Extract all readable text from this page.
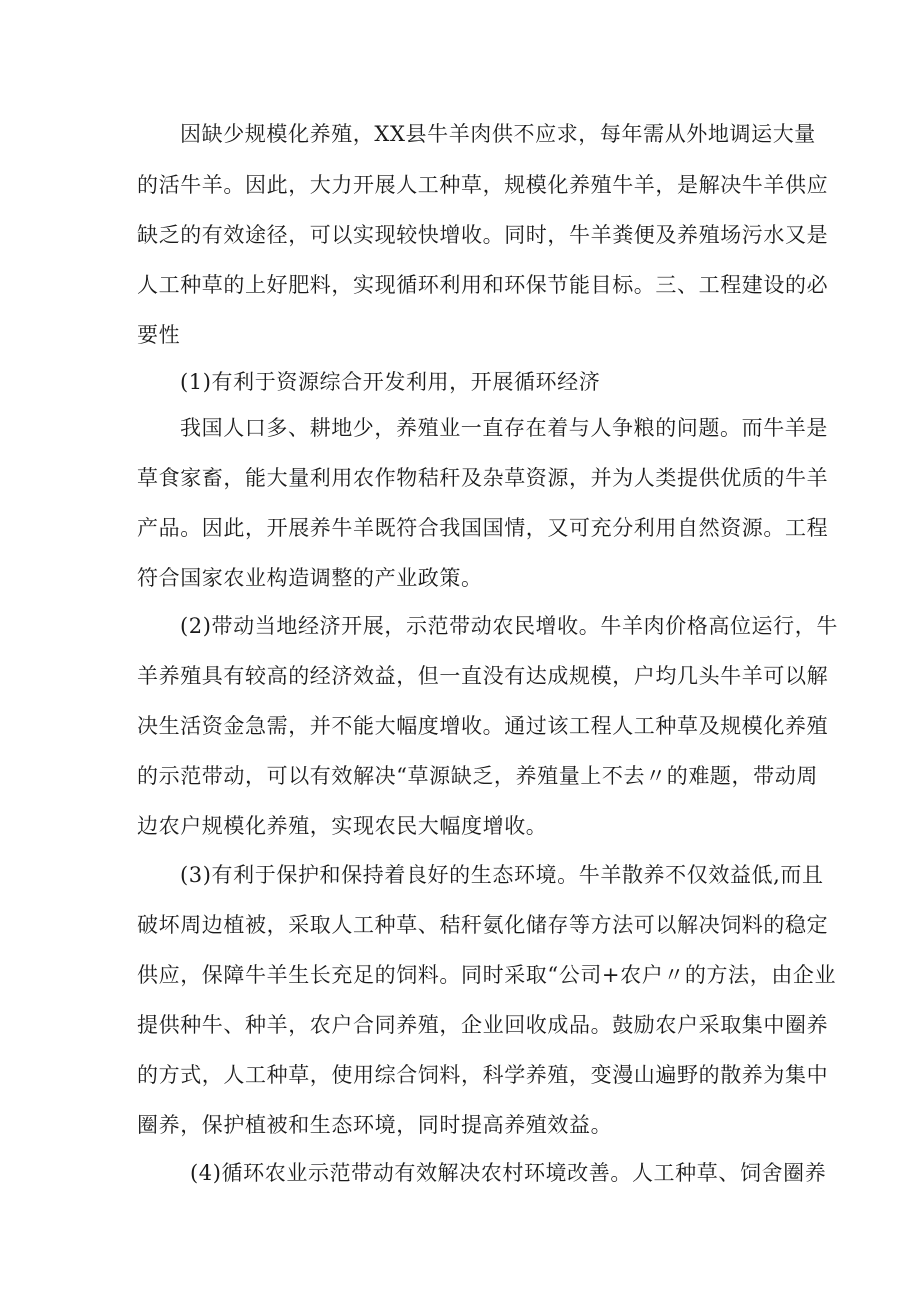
因缺少规模化养殖，XX县牛羊肉供不应求，每年需从外地调运大量

的活牛羊。因此，大力开展人工种草，规模化养殖牛羊，是解决牛羊供应

缺乏的有效途径，可以实现较快增收。同时，牛羊粪便及养殖场污水又是

人工种草的上好肥料，实现循环利用和环保节能目标。三、工程建设的必

要性

(1)有利于资源综合开发利用，开展循环经济

我国人口多、耕地少，养殖业一直存在着与人争粮的问题。而牛羊是

草食家畜，能大量利用农作物秸秆及杂草资源，并为人类提供优质的牛羊

产品。因此，开展养牛羊既符合我国国情，又可充分利用自然资源。工程

符合国家农业构造调整的产业政策。

(2)带动当地经济开展，示范带动农民增收。牛羊肉价格高位运行，牛

羊养殖具有较高的经济效益，但一直没有达成规模，户均几头牛羊可以解

决生活资金急需，并不能大幅度增收。通过该工程人工种草及规模化养殖

的示范带动，可以有效解决“草源缺乏，养殖量上不去〃的难题，带动周

边农户规模化养殖，实现农民大幅度增收。

(3)有利于保护和保持着良好的生态环境。牛羊散养不仅效益低,而且

破坏周边植被，采取人工种草、秸秆氨化储存等方法可以解决饲料的稳定

供应，保障牛羊生长充足的饲料。同时采取“公司+农户〃的方法，由企业

提供种牛、种羊，农户合同养殖，企业回收成品。鼓励农户采取集中圈养

的方式，人工种草，使用综合饲料，科学养殖，变漫山遍野的散养为集中

圈养，保护植被和生态环境，同时提高养殖效益。

(4)循环农业示范带动有效解决农村环境改善。人工种草、饲舍圈养
